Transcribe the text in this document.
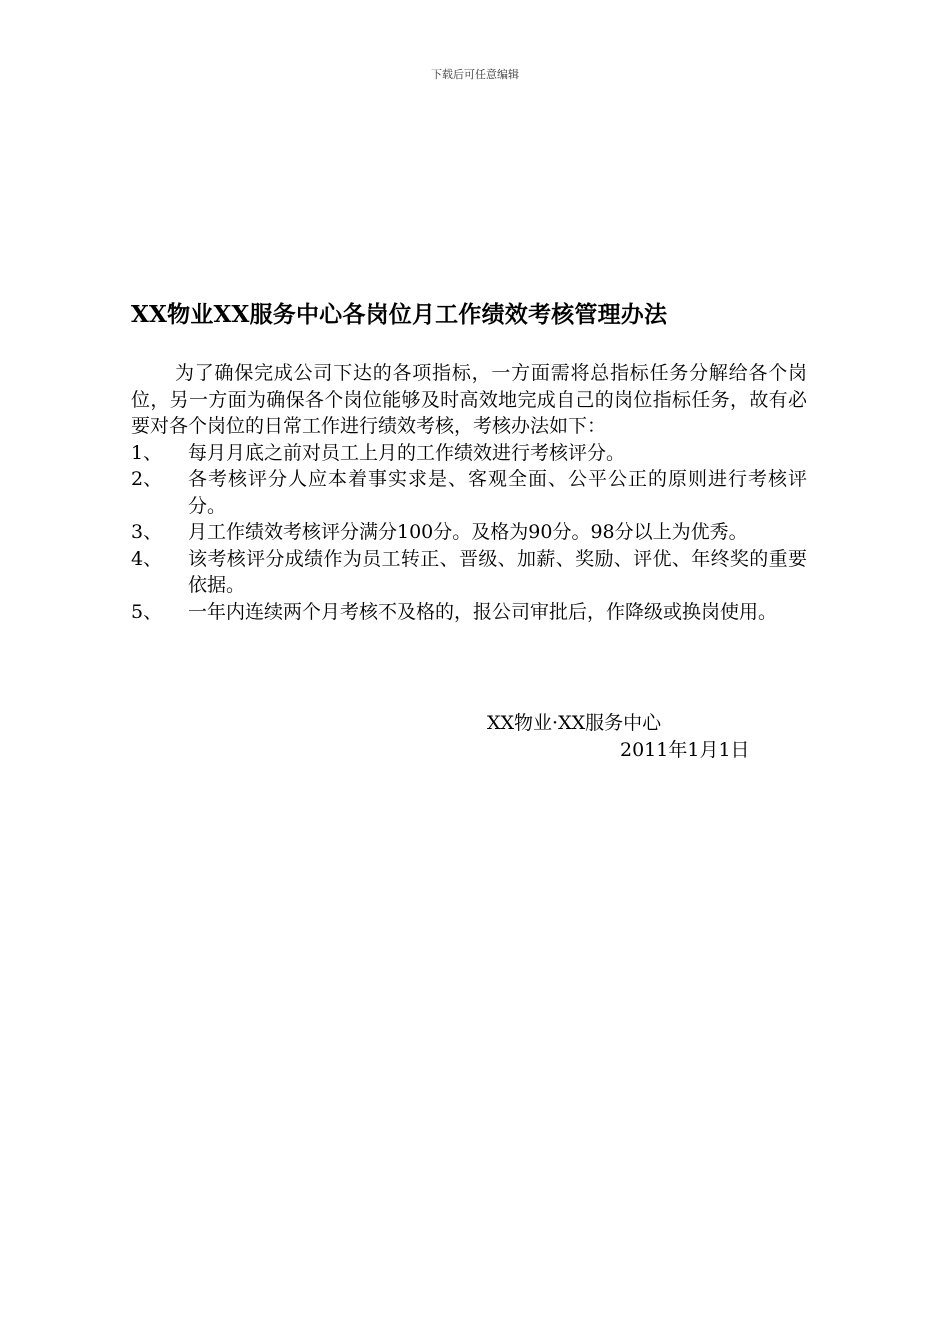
下载后可任意编辑
XX物业XX服务中心各岗位月工作绩效考核管理办法

为了确保完成公司下达的各项指标，一方面需将总指标任务分解给各个岗位，另一方面为确保各个岗位能够及时高效地完成自己的岗位指标任务，故有必要对各个岗位的日常工作进行绩效考核，考核办法如下：

1、	每月月底之前对员工上月的工作绩效进行考核评分。
2、	各考核评分人应本着事实求是、客观全面、公平公正的原则进行考核评分。
3、	月工作绩效考核评分满分100分。及格为90分。98分以上为优秀。
4、	该考核评分成绩作为员工转正、晋级、加薪、奖励、评优、年终奖的重要依据。
5、	一年内连续两个月考核不及格的，报公司审批后，作降级或换岗使用。
XX物业·XX服务中心
2011年1月1日
